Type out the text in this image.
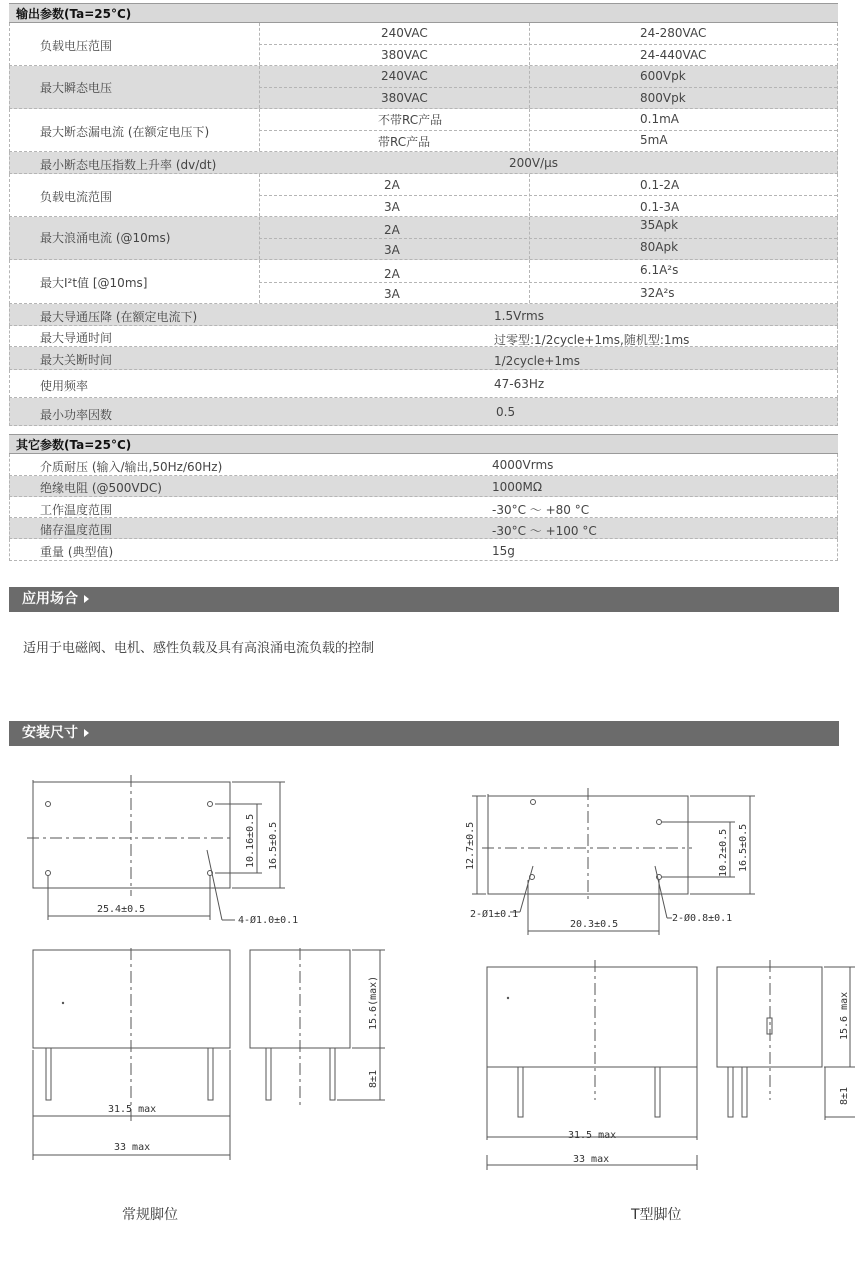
输出参数(Ta=25°C)
负载电压范围
240VAC	24-280VAC
380VAC	24-440VAC
最大瞬态电压
240VAC	600Vpk
380VAC	800Vpk
最大断态漏电流 (在额定电压下)
不带RC产品	0.1mA
带RC产品	5mA
最小断态电压指数上升率 (dv/dt)	200V/μs
负载电流范围
2A	0.1-2A
3A	0.1-3A
最大浪涌电流 (@10ms)
2A	35Apk
3A	80Apk
最大I²t值 [@10ms]
2A	6.1A²s
3A	32A²s
最大导通压降 (在额定电流下)	1.5Vrms
最大导通时间	过零型:1/2cycle+1ms,随机型:1ms
最大关断时间	1/2cycle+1ms
使用频率	47-63Hz
最小功率因数	0.5
其它参数(Ta=25°C)
介质耐压 (输入/输出,50Hz/60Hz)	4000Vrms
绝缘电阻 (@500VDC)	1000MΩ
工作温度范围	-30°C ～ +80 °C
储存温度范围	-30°C ～ +100 °C
重量 (典型值)	15g
应用场合
适用于电磁阀、电机、感性负载及具有高浪涌电流负载的控制
安装尺寸
25.4±0.5
10.16±0.5 16.5±0.5
4-Ø1.0±0.1
15.6(max)
8±1
31.5 max
33 max
常规脚位
12.7±0.5	10.2±0.5 16.5±0.5
2-Ø1±0.1
20.3±0.5
2-Ø0.8±0.1
15.6 max
8±1
31.5 max
33 max
T型脚位
